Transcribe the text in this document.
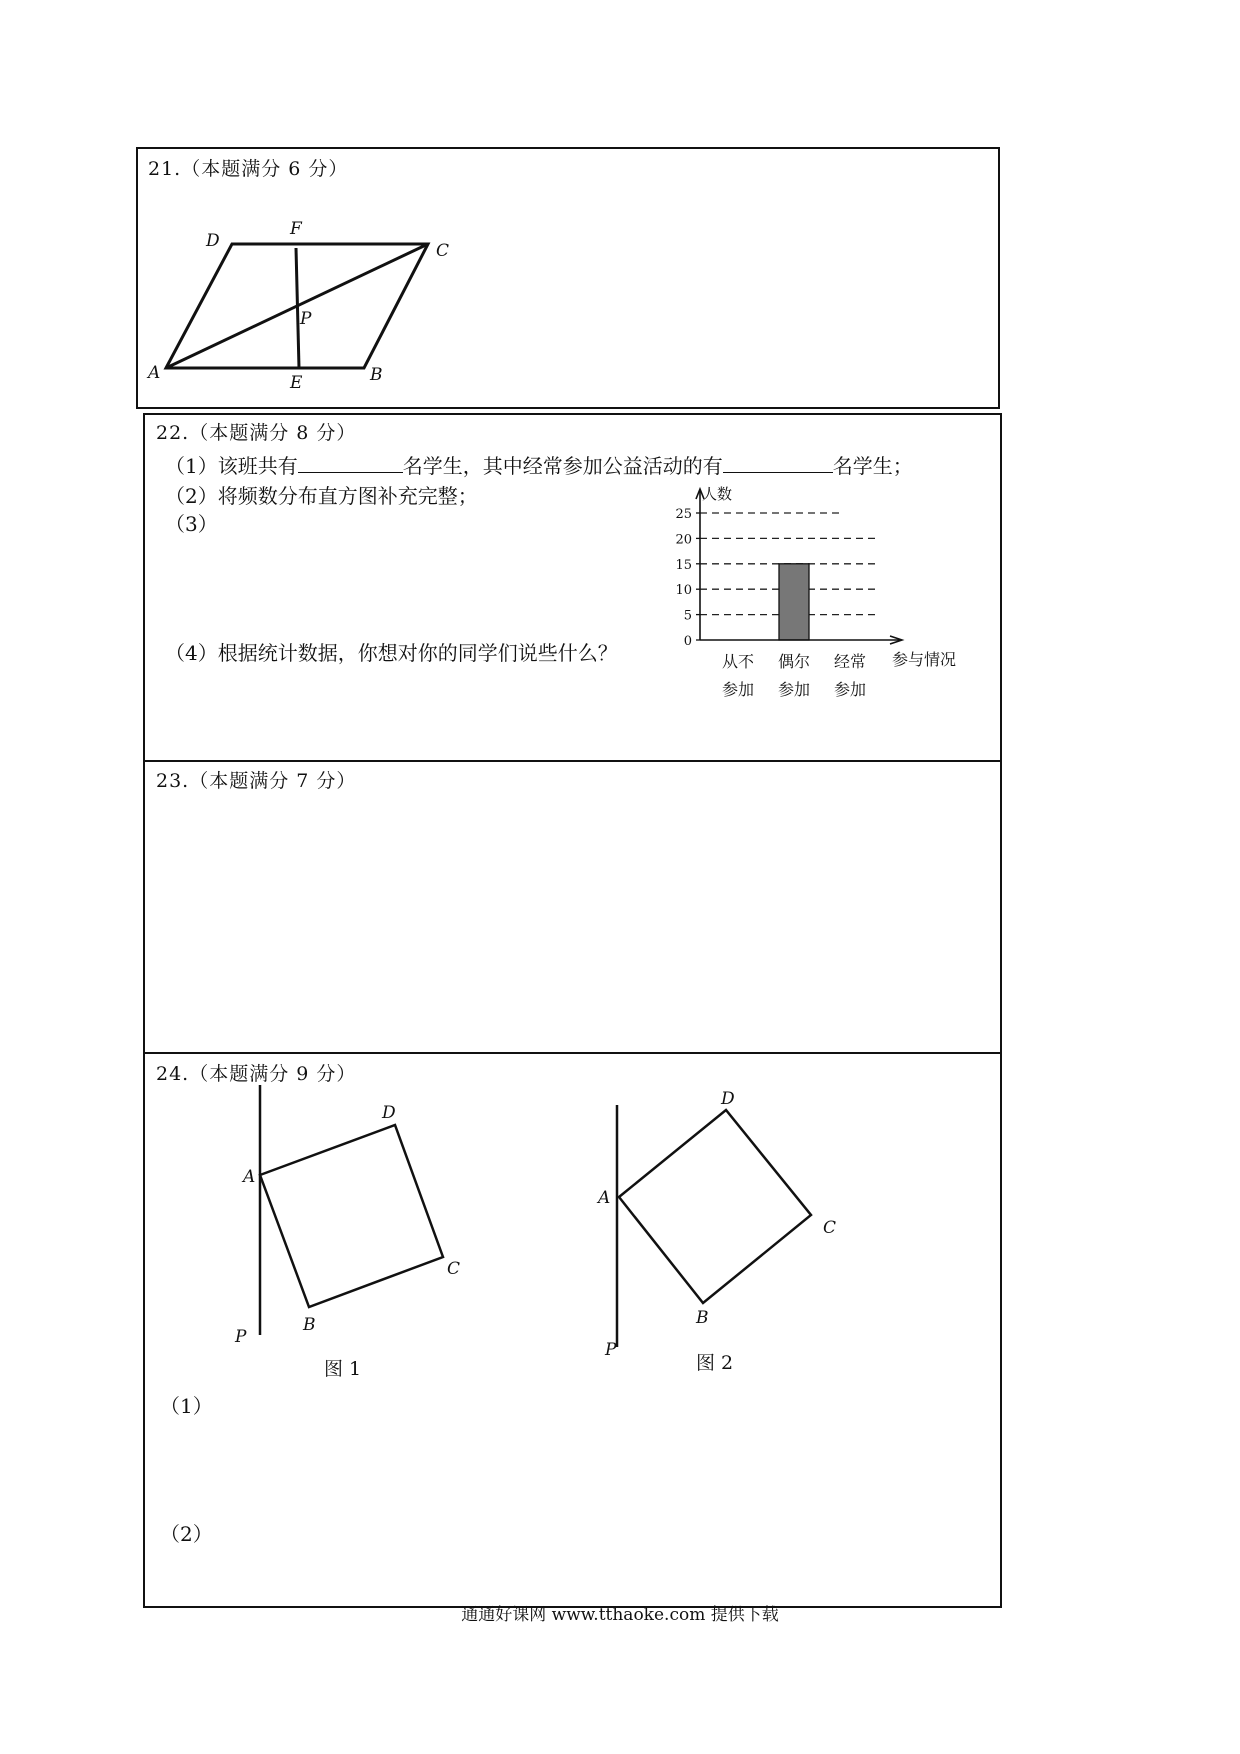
21.（本题满分 6 分）
A	B
C
D
E
F
P
22.（本题满分 8 分）
（1）该班共有	名学生，其中经常参加公益活动的有	名学生；
（2）将频数分布直方图补充完整；
（3）
（4）根据统计数据，你想对你的同学们说些什么？	0
5
10
15
20
25
人数
参与情况
从不
参加
偶尔
参加
经常
参加
23.（本题满分 7 分）
24.（本题满分 9 分）
A
D
C
B
P
图 1
A
D
C
B
P
图 2
（1）
（2）
通通好课网 www.tthaoke.com 提供下载
